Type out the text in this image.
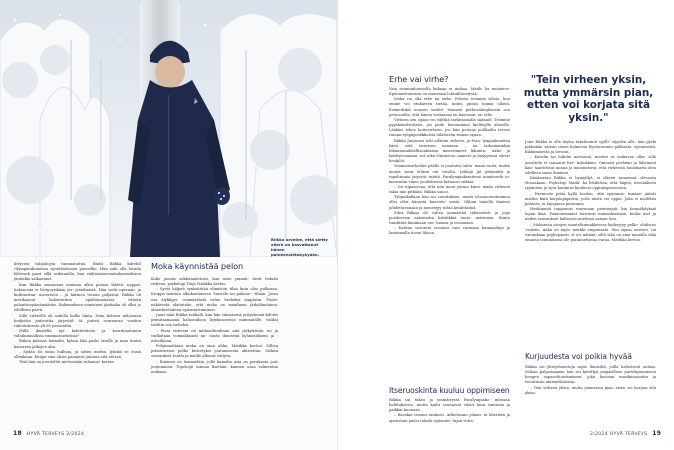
Riikka arvelee, että sietty allerä on kasvattanut hänen paineensietokykyään.

littyvien tuhpalojen tummatoitua. Hiulsi Riikka kilrehtl Olympatokomtaan ryoskloukosen paenellie. Hän sahi olla lavaila lähtesuk jaaet sillä seikunnilla, kun vaihtoimaveunitukarmoksion jäntialko salkautaut.

Kun Riikka seuravana aamuna alkoi painaa lähetä- nappia, hakenonia ei lövtyoyrikäan jär- jestelmistä. Hän soitti operaan- ja kulttuurimi- nisteriöön – ja kärmea totuun paljastui. Riikka oli merikaonut kalenteriina epäihuomioissa väärän palauttuspäivämäärän. Hakemuksen viimeinen jäntiaika oli ollut jo edellisen päivä.

Sillä virheellä oli sodella kallis hinta. Nuin kolmen miljoonan budjettia puitvottia järjestäl- tä puiteä seuraavan vuoden rahoituksesta yli 60 prosenttia.

Millä ihmeellä nyt kehitettävän ja koordinoitanim valtakunnallista vammaisurheilua?

Riikan pääissä humaihi, kylmä hiki puski otsalle ja maa tuntui katoavan jalkojen alta.

– Sydän löi ensin hulluna, ja sitten mietin, lyönkö se ensiä ollenkaan. Kunpa vain olisin painanut junassa sitä enterä.

Tätä hän on jossitellut mielessään tuhanne! kertaa.

Moka käynnistää pelon

Koko juonus sokkiraadotosti, kun aiste ymmär- tävät teihiän virheen, psykologi Tuija Matikka kertoo.

– Syväi hälpeä synksäittää elimistön tilan kuin olisi pulkosaa. Kroppa taantuu alkukantaiseen "taistele tai pakene" -tilaan. Jossa osa älykkyys- osamäärästä valuu herkeksi ämpäriin. Puole- näkötestä alaituteke, että moka on maailman järkälämäinen, almurkertaiinen epäonnistuminen.

Juuri näin Riikka tunkalli. kun hän viimeisenä yritysksenä kiltotti primitaamaana haluonuloon lirjekusoressa mimmatölle, valiksi tieöltin sen tietieksi.

– Pieni virheeni oli mittasuhteiltaan niin järkyttävän iso ja vadkutaan voimakkaasti mi- nusta ihmisenä kyhnistökseni ja -urheilijaan.

Pohjimmiltaan moka on aina uhka, Matikka kertoo. Sillein primitiivisen pelko kivitetyksi joutumisesta aktivoituu. Mokan seuraukset tuntla ja muille alkavat valtyva.

– Ihminen on laumaeläin, jolle kamalin asia on porukasta pois joutuminen. Topeloijä sonnaa lisetään, kuunen osaa valmentua mukaan.

18 HYVÄ TERVEYS 2/2024
Erhe vai virhe?

Vain ruumiinluussolla kukaan ei mokaa. Matik- ka muistuve. Epäonnistumisen on muistaisa lohtuillisestystä.

Moka voi olla erhe tai virhe. Erheen teemme silloin, kun emme voi etukäteen tietää, miten pitäisi toimia oikein. Esimerkiksi nousen ontiite- lemmen perheenäisyksestä sen persoonilla, että hänen vastaansa en kasvanut. on erhe.

Virheen sen sijaan voi välttää tarkistamalla säännöt. Teemme pyyäkömitvirheen, jos park- keeraamme kielletylle alueelle. Lääkäri tekee hoitovirheen, jos hän poissaa poltkailta tervee rinnan syöpäpesäkkeistä tälättavän rinnan sijaan.

Riikka Juntunen teki selkeän virheen, ja Para- lympiakomitea kärsi siitä tieevisen nemman – tai tarkemminkin liikuntamahdollisuuksiaan menettäneet liikunta-, näkö- ja kehitysvammai- set sekä elinsiirron saaneet ja dialyysissä olevat henkilöt.

Vammaisurheilun päälle ei joudutta lattia- maan rauta, mutta monet asiat tehtiin ent tavalla. Leikejä jät pitämättä ja tapahtumia järjestä- mättä. Paralympiakomitean toimitsevki to- masentiin vinne jouduksessa kolmoon viikkoi.

– On riipaisevaa, että niin moni joutuu kärsi- mään virheeni takia niin pitkään. Riikka sanoo.

Työpaikallaan hän sai varoituksen, mutta irtisanotuutmimen ollei ollut hänestä kuovutu- mista. Olihan hänellä ihmiset johdettavanaan ja menestyy rahta kesäittäimä.

Siksi Riikan oli valtea ymmärtää tähönsiesti ja jopa positiivesin näivimatta kriittikkiä tunte- mattomia. Häntä vaadittiin kaniinaan vas- tuonsa ja eroamaan.

– Kantan vastuuni teostani vain varmaan kammaltaja ja lamtamalla itseni lihoon.

Itseruoskinta kuuluu oppimiseen

Riikka sai tukea ja ymmärrystä Paralympiako- miteaan hallituksesta, mutta kuilit seuraavat viikot kuin sumussa ja paikkai huonosti.

– Ruoskin itseäni rankasti. Arkielosani jokain- ta liberitän ja ajatustani paitsi rukala epäonnis- tujan viitta.

"Tein virheen yksin, mutta ymmärsin pian, etten voi korjata sitä yksin."

Joita Riikka ei olle täysin tukehnunut syylli- styyden alle, hän pyrki pitämään väitsin itensi kolmesta hyvinvoinnin palikasta: syömisestä, liikkumisesta ja levosta.

– Kävelin tai hiihdin metsässä, montet se mukavaa ollar, sillä jossittelu ei taasonut her- kekokkäin. Omeaist perhemi ja läheineni kan- naattelivat minua ja muistuttivat, että virheestä huolimatta olen edelleen sama ihminen.

Kuukausiin Riikka ei hymyillyt, ei olkeen tunnemut olevansa elossakaan. Psykologi Matik- ka lohduttaa, että häpeä, itsesäälinvä ryyminen ja syvä katumus kuuluvat oppimisprosessiin.

– Hermosto pitää kyllä huolen, että epäonnis- tumiset jäävät mieliin kuin kärpäspaperiin, jotta niistä voi oppia. Joka ei mieltäisi pahasta, ei tapojansa parannna.

Herkimmät tuppaavat ruovmaan pientenpiä- kin tiennähdyksiä lopun ikää. Paanoneimmat toistuvat manaaksistaan, koska niet ja niiden seuraukset hallnovat mielessä saman tien.

– Mokanssa aivojen mantelitumakkeessa kytkeytyy pelko- ahdistus -reaktio, mikä on myös merkki empatiasta. Sen sijaan narsisti, tai varsinkaan psykopaatti, ei ott mitään, sillä vika on aina muualla eikä omassa toiminnassa ole parannettavaa varaa, Matikka kertoo.

Kurjuudesta voi poikia hyvää

Riikka sai yhteydenottoja myös ihmisiltä, joilla halustavat auttaa. Mokan paljastamaan hän sai kerättyä ympärilleen partekynimmeen hengen vapaaehtoistimimen, joka kooonai marikinnointiin ja tavoitinsin ammattilaisista.

– Tein virheen yksin, mutta ymmärsin pian, etten voi korjata sitä yksin.

2/2024 HYVÄ TERVEYS 19
